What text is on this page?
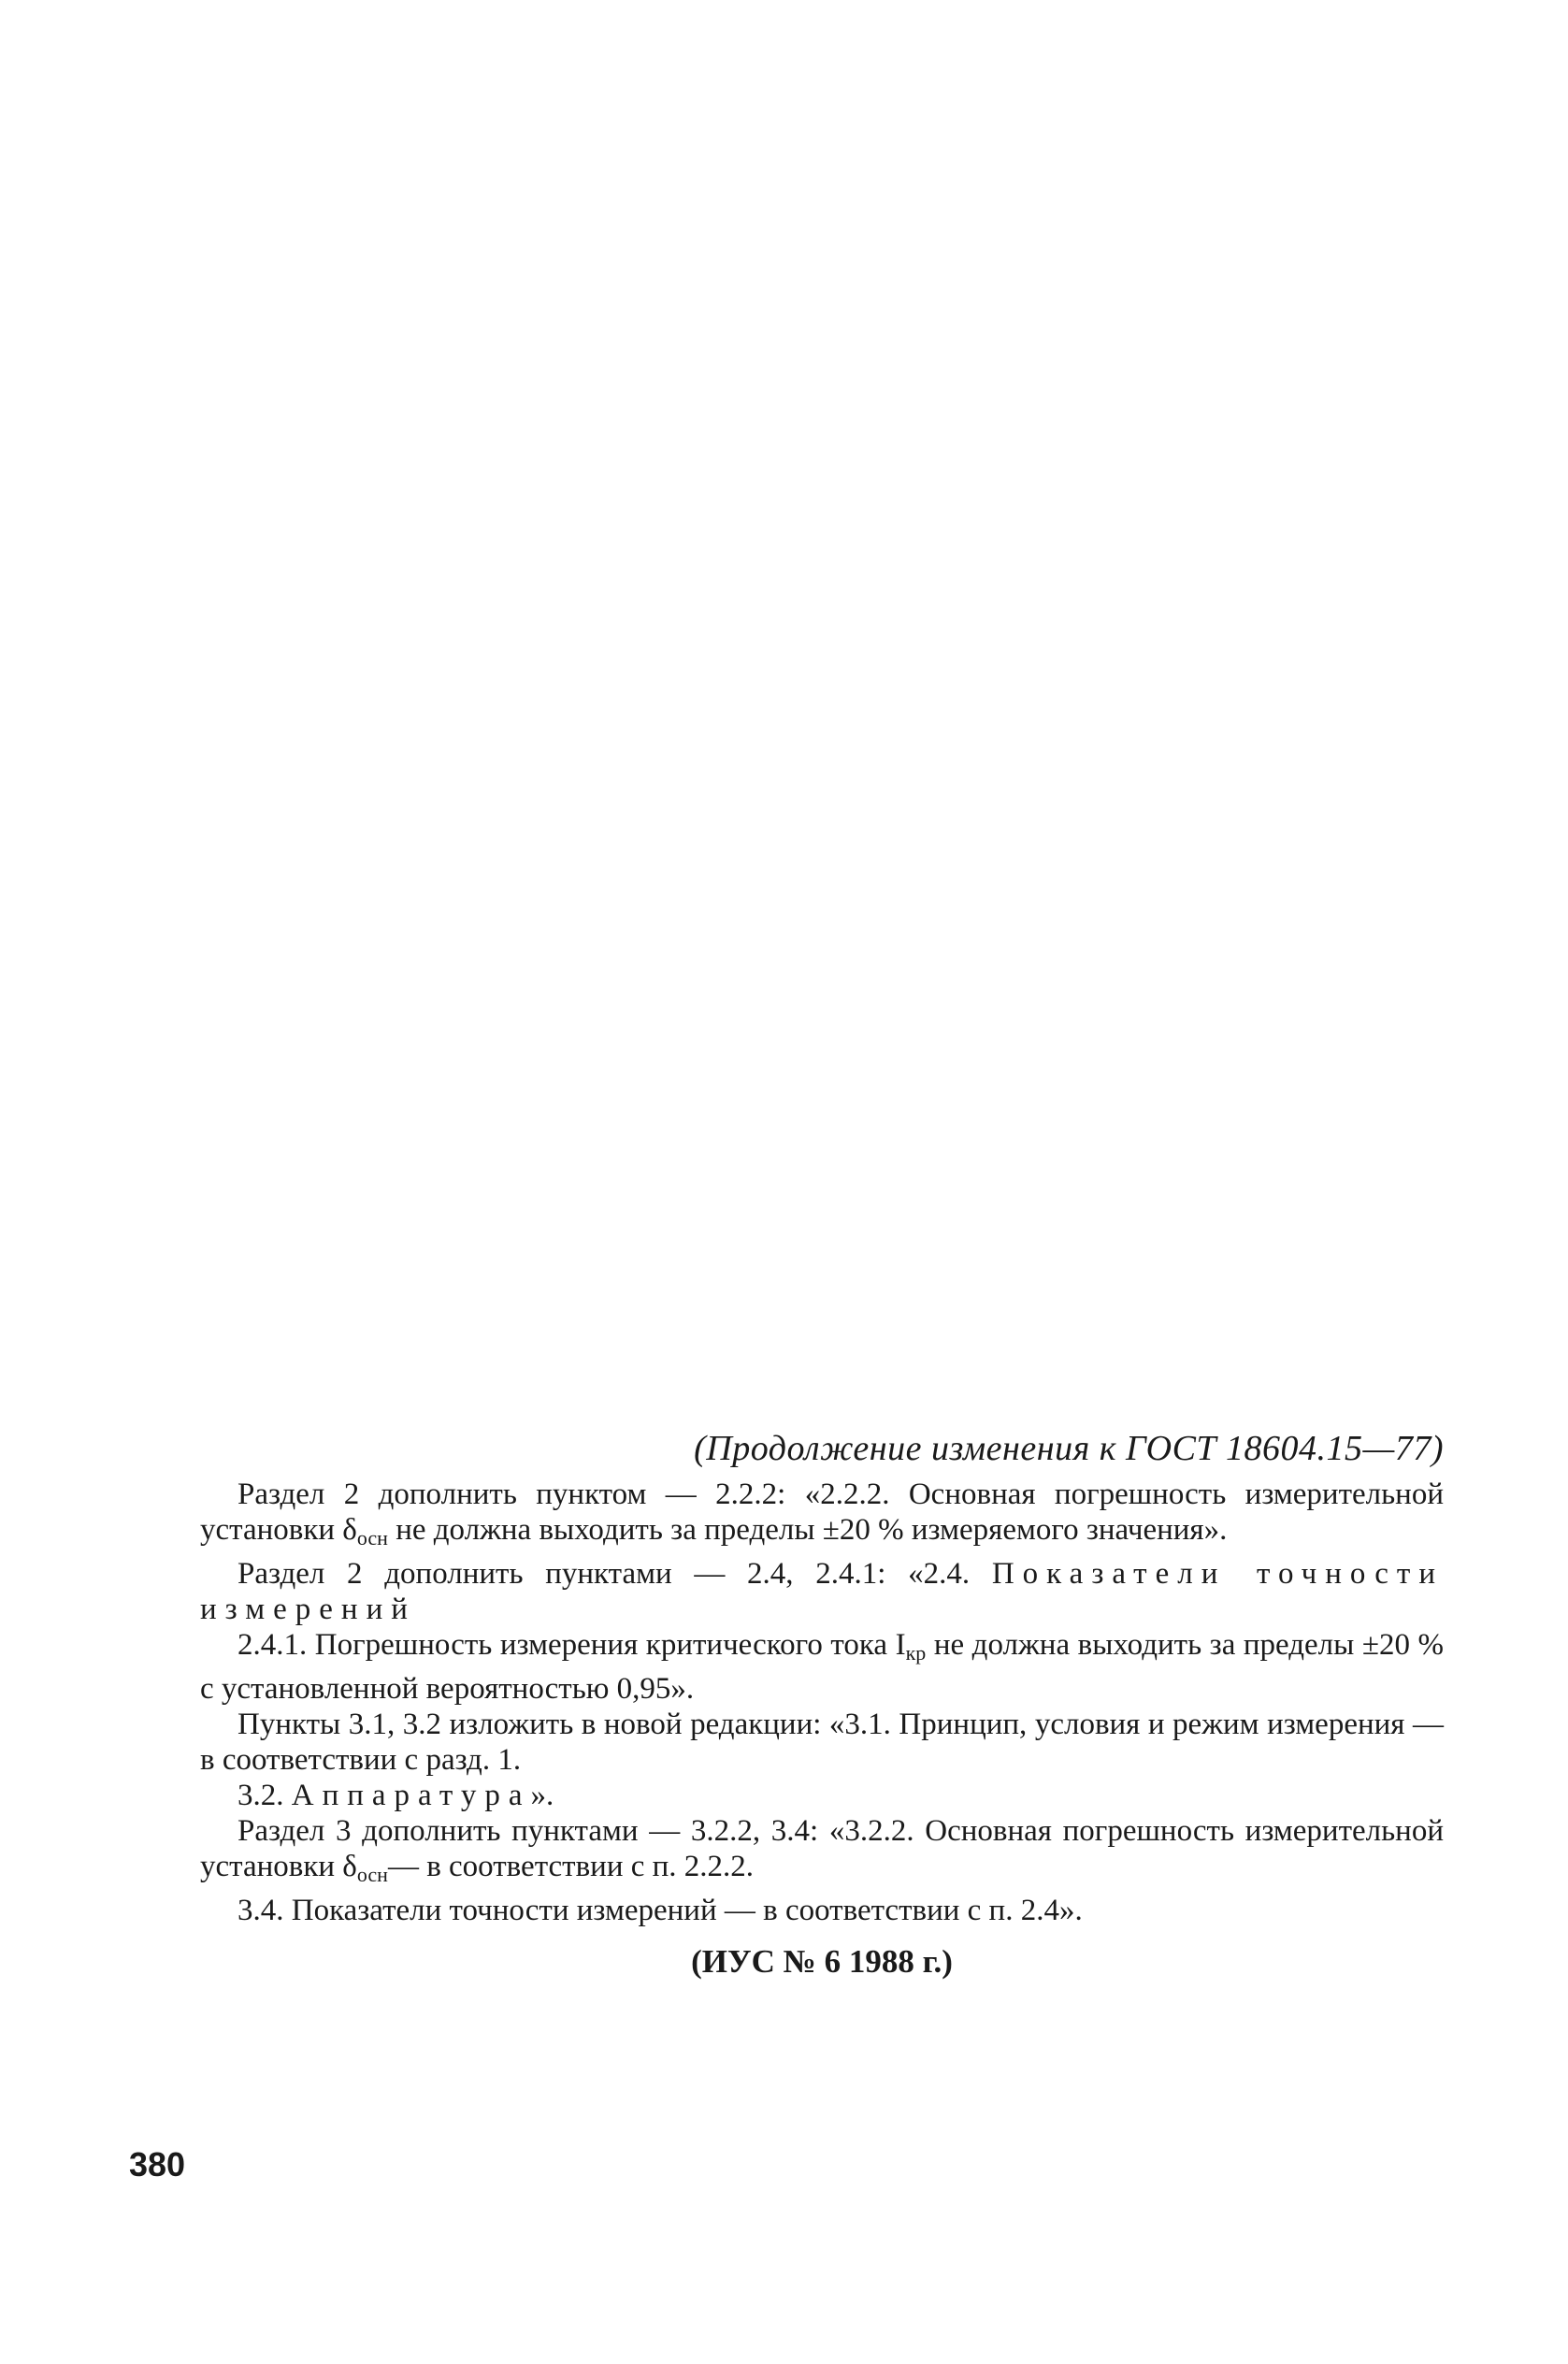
(Продолжение изменения к ГОСТ 18604.15—77)

Раздел 2 дополнить пунктом — 2.2.2: «2.2.2. Основная погрешность измерительной установки $\delta_{осн}$ не должна выходить за пределы ±20 % измеряемого значения».

Раздел 2 дополнить пунктами — 2.4, 2.4.1: «2.4. Показатели точности измерений

2.4.1. Погрешность измерения критического тока $I_{кр}$ не должна выходить за пределы ±20 % с установленной вероятностью 0,95».

Пункты 3.1, 3.2 изложить в новой редакции: «3.1. Принцип, условия и режим измерения — в соответствии с разд. 1.

3.2. Аппаратура».

Раздел 3 дополнить пунктами — 3.2.2, 3.4: «3.2.2. Основная погрешность измерительной установки $\delta_{осн}—$ в соответствии с п. 2.2.2.

3.4. Показатели точности измерений — в соответствии с п. 2.4».

(ИУС № 6 1988 г.)

380
